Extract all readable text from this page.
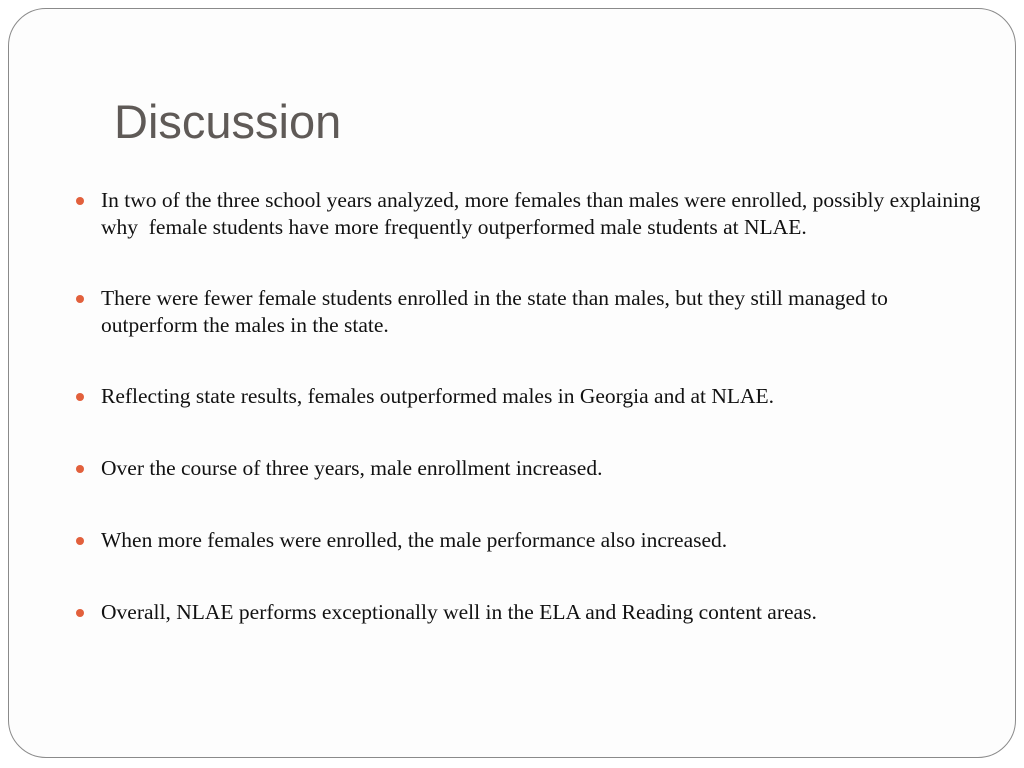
Discussion
In two of the three school years analyzed, more females than males were enrolled, possibly explaining why  female students have more frequently outperformed male students at NLAE.
There were fewer female students enrolled in the state than males, but they still managed to outperform the males in the state.
Reflecting state results, females outperformed males in Georgia and at NLAE.
Over the course of three years, male enrollment increased.
When more females were enrolled, the male performance also increased.
Overall, NLAE performs exceptionally well in the ELA and Reading content areas.
